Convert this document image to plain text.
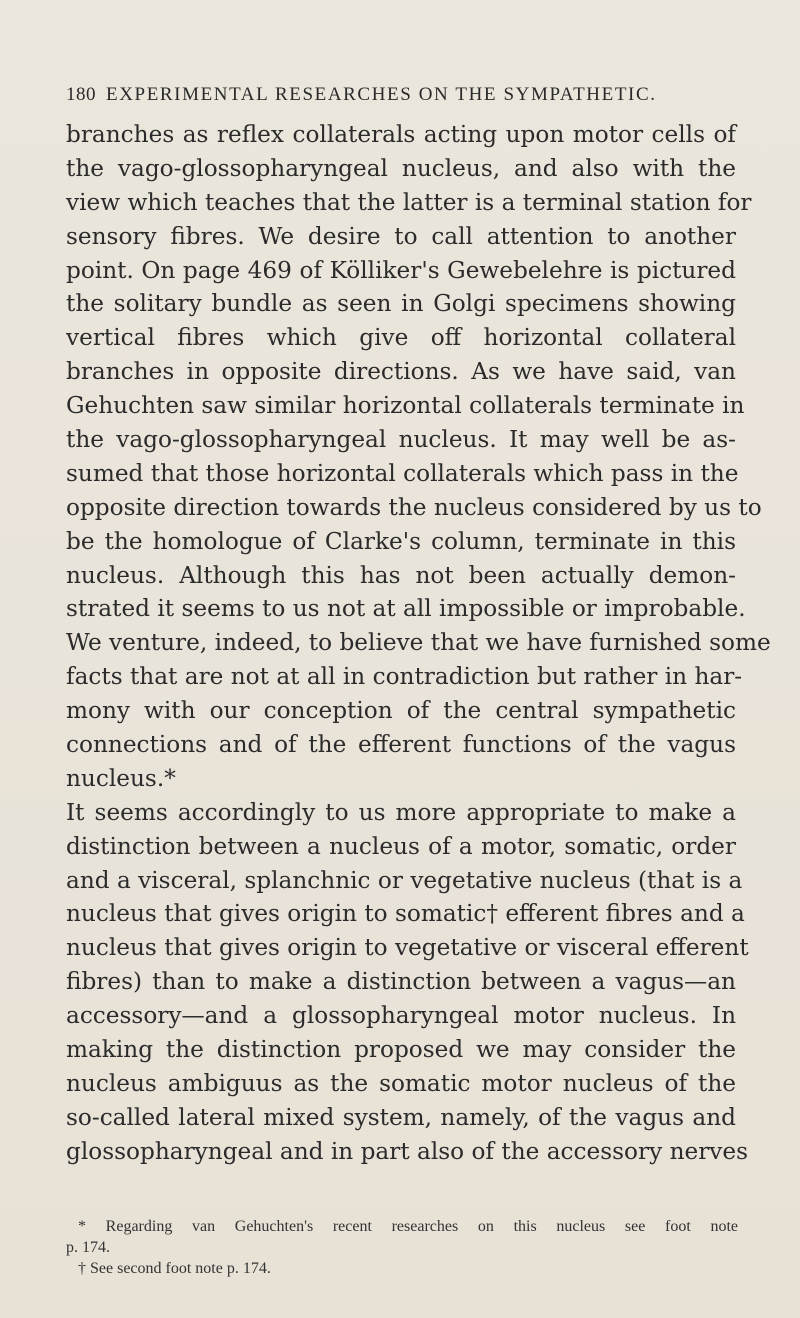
180 EXPERIMENTAL RESEARCHES ON THE SYMPATHETIC.
branches as reflex collaterals acting upon motor cells of
the vago-glossopharyngeal nucleus, and also with the
view which teaches that the latter is a terminal station for
sensory fibres. We desire to call attention to another
point. On page 469 of Kölliker's Gewebelehre is pictured
the solitary bundle as seen in Golgi specimens showing
vertical fibres which give off horizontal collateral
branches in opposite directions. As we have said, van
Gehuchten saw similar horizontal collaterals terminate in
the vago-glossopharyngeal nucleus. It may well be as-
sumed that those horizontal collaterals which pass in the
opposite direction towards the nucleus considered by us to
be the homologue of Clarke's column, terminate in this
nucleus. Although this has not been actually demon-
strated it seems to us not at all impossible or improbable.
We venture, indeed, to believe that we have furnished some
facts that are not at all in contradiction but rather in har-
mony with our conception of the central sympathetic
connections and of the efferent functions of the vagus
nucleus.*
It seems accordingly to us more appropriate to make a
distinction between a nucleus of a motor, somatic, order
and a visceral, splanchnic or vegetative nucleus (that is a
nucleus that gives origin to somatic† efferent fibres and a
nucleus that gives origin to vegetative or visceral efferent
fibres) than to make a distinction between a vagus—an
accessory—and a glossopharyngeal motor nucleus. In
making the distinction proposed we may consider the
nucleus ambiguus as the somatic motor nucleus of the
so-called lateral mixed system, namely, of the vagus and
glossopharyngeal and in part also of the accessory nerves
* Regarding van Gehuchten's recent researches on this nucleus see foot note
p. 174.
† See second foot note p. 174.
